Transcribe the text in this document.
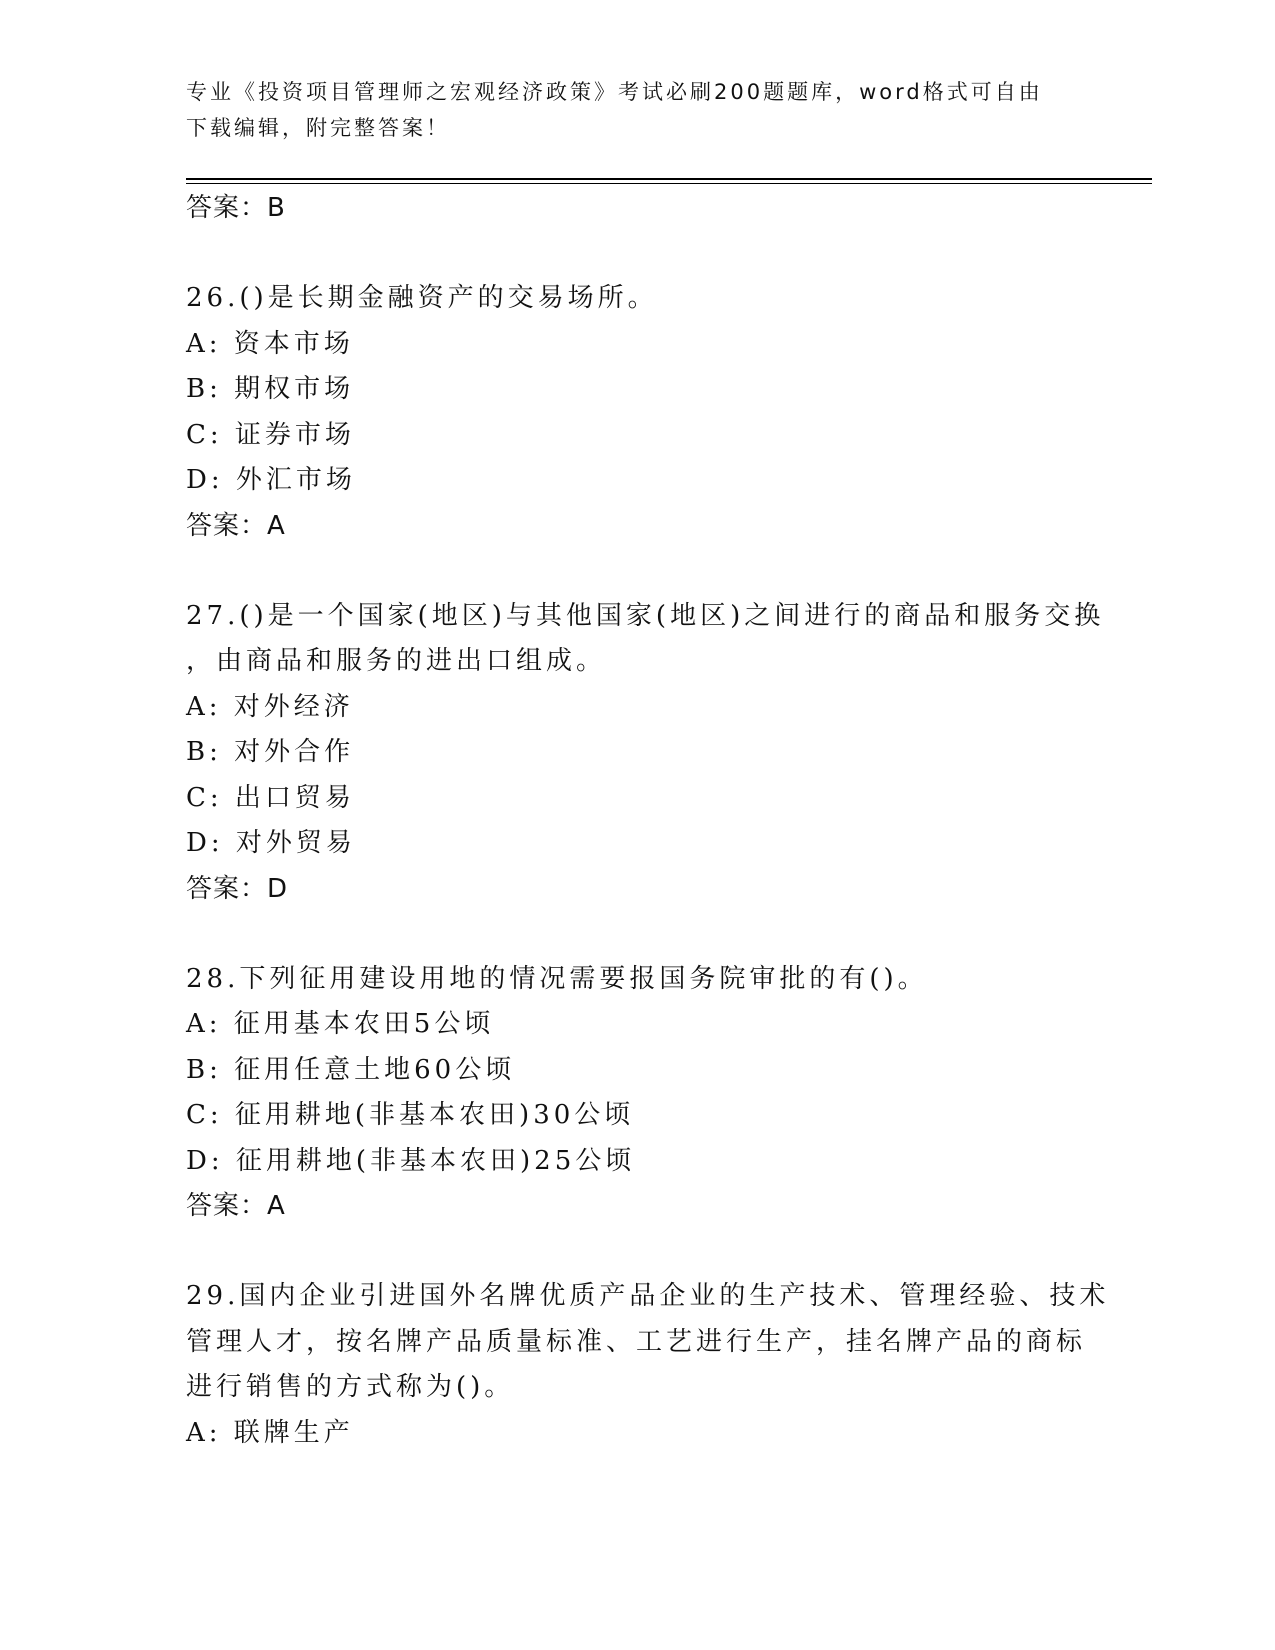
专业《投资项目管理师之宏观经济政策》考试必刷200题题库，word格式可自由
下载编辑，附完整答案！
答案：B
26.()是长期金融资产的交易场所。
A: 资本市场
B: 期权市场
C: 证券市场
D: 外汇市场
答案：A
27.()是一个国家(地区)与其他国家(地区)之间进行的商品和服务交换
，由商品和服务的进出口组成。
A: 对外经济
B: 对外合作
C: 出口贸易
D: 对外贸易
答案：D
28.下列征用建设用地的情况需要报国务院审批的有()。
A: 征用基本农田5公顷
B: 征用任意土地60公顷
C: 征用耕地(非基本农田)30公顷
D: 征用耕地(非基本农田)25公顷
答案：A
29.国内企业引进国外名牌优质产品企业的生产技术、管理经验、技术
管理人才，按名牌产品质量标准、工艺进行生产，挂名牌产品的商标
进行销售的方式称为()。
A: 联牌生产
